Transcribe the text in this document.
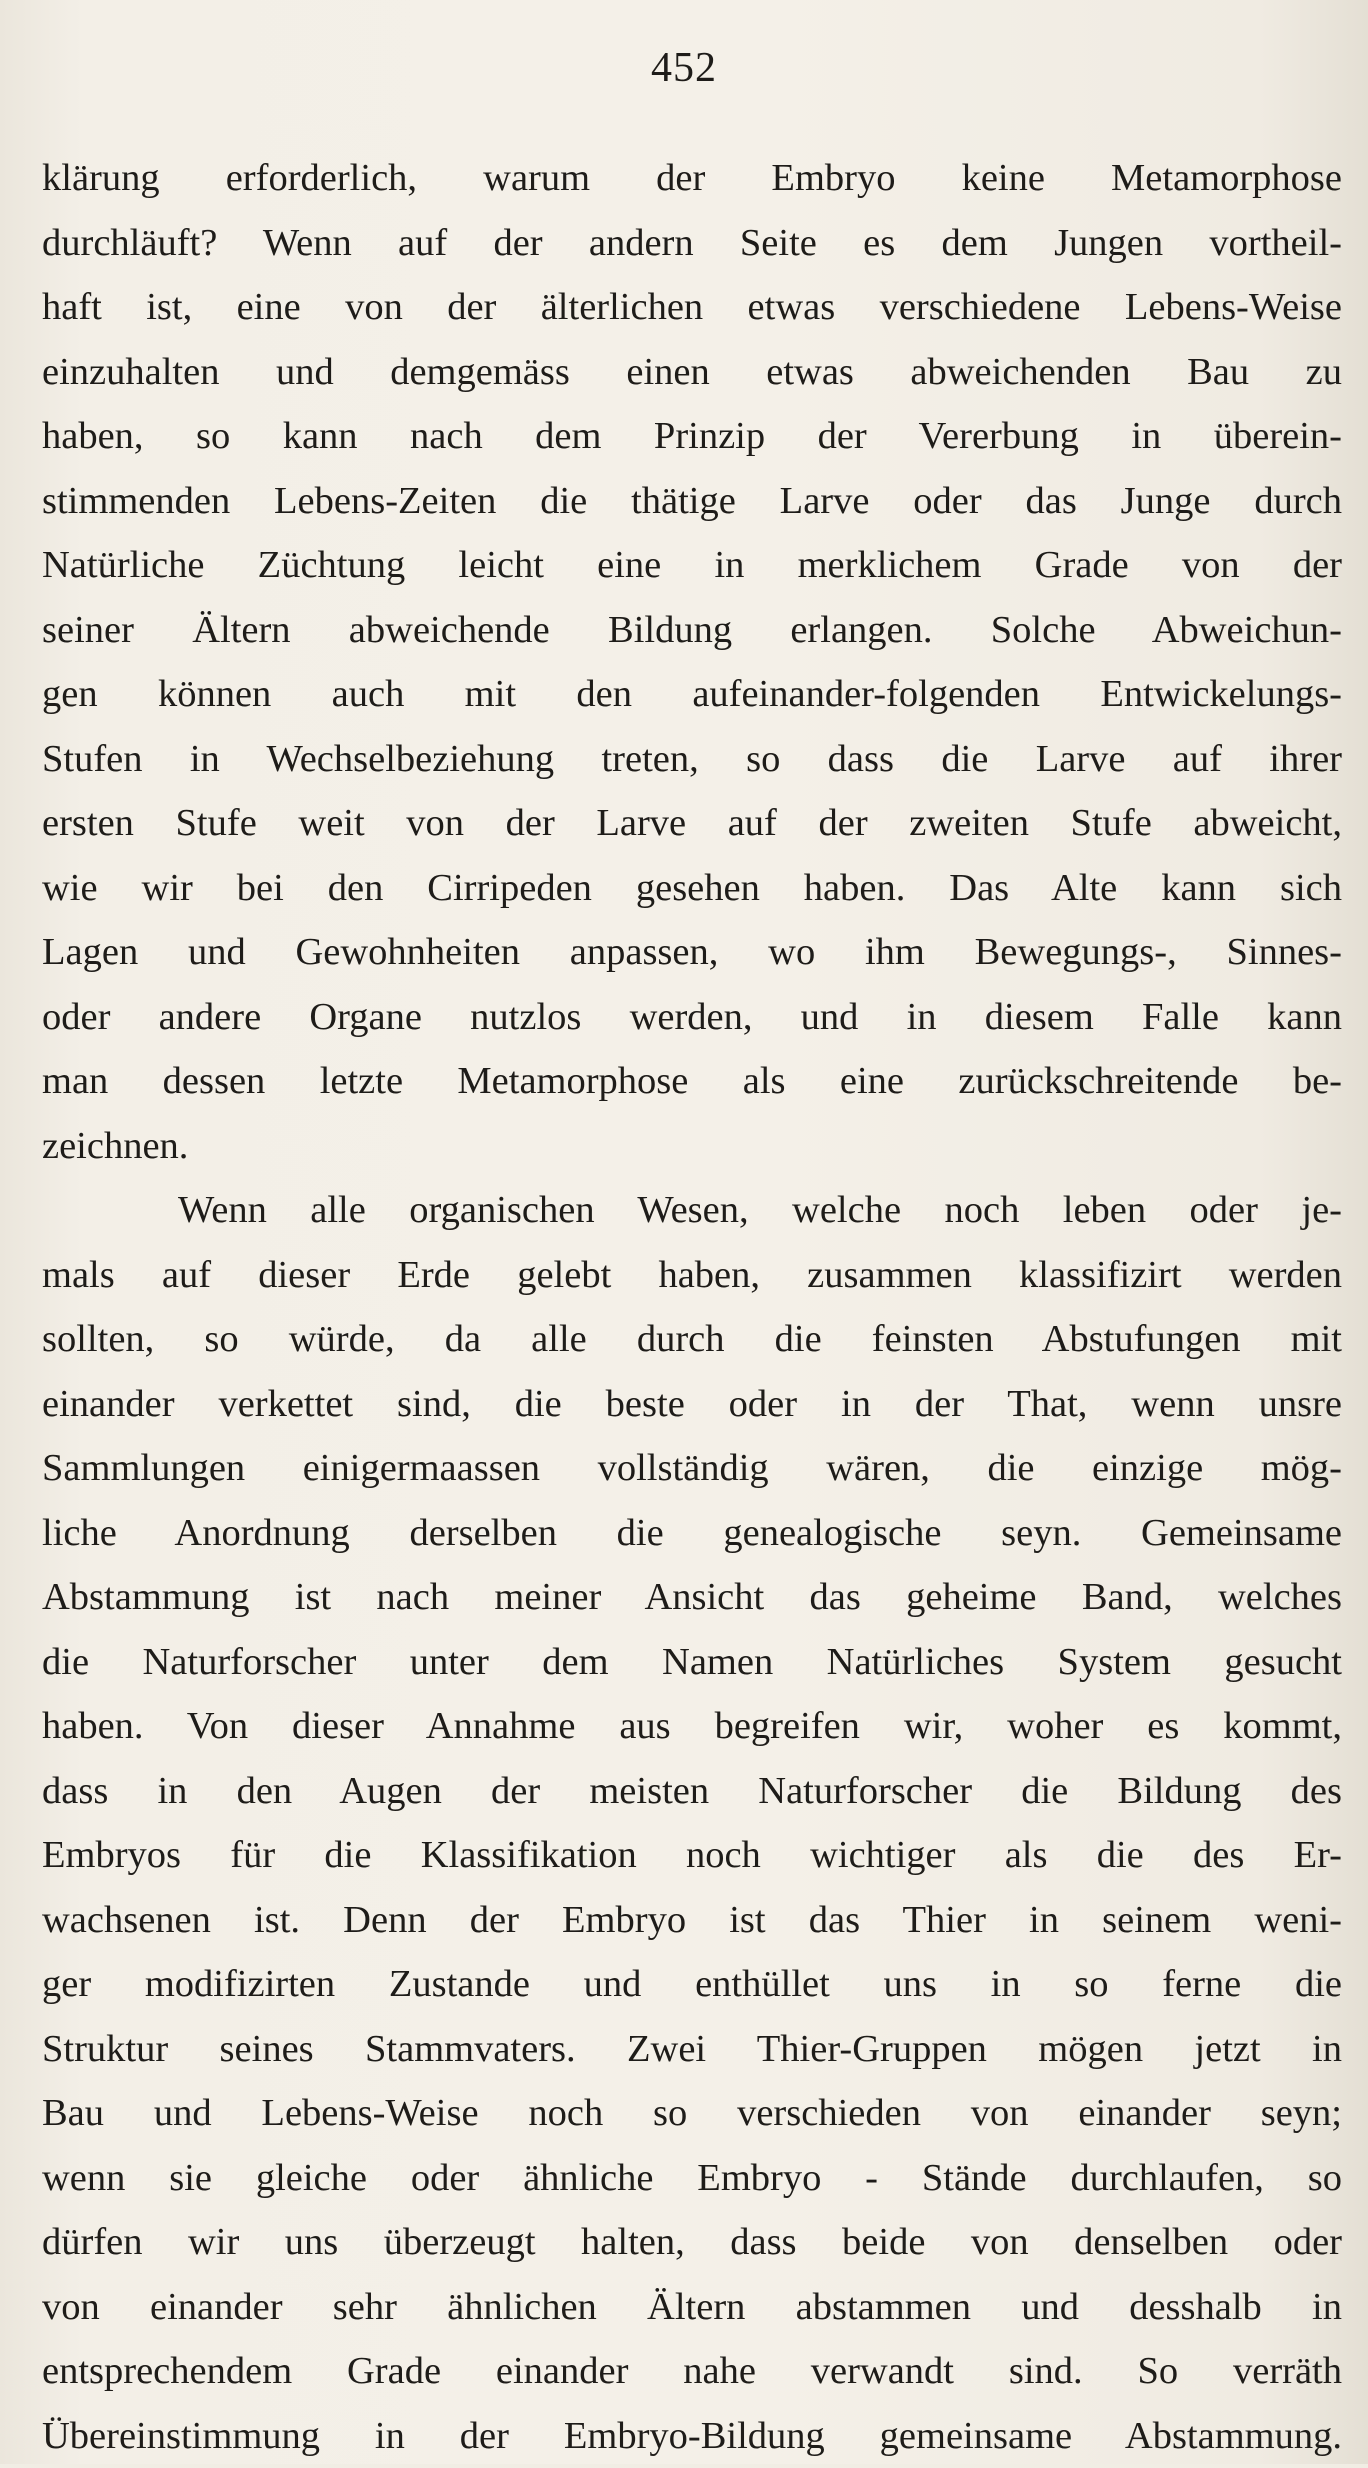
452
klärung erforderlich, warum der Embryo keine Metamorphose
durchläuft? Wenn auf der andern Seite es dem Jungen vortheil-
haft ist, eine von der älterlichen etwas verschiedene Lebens-Weise
einzuhalten und demgemäss einen etwas abweichenden Bau zu
haben, so kann nach dem Prinzip der Vererbung in überein-
stimmenden Lebens-Zeiten die thätige Larve oder das Junge durch
Natürliche Züchtung leicht eine in merklichem Grade von der
seiner Ältern abweichende Bildung erlangen. Solche Abweichun-
gen können auch mit den aufeinander-folgenden Entwickelungs-
Stufen in Wechselbeziehung treten, so dass die Larve auf ihrer
ersten Stufe weit von der Larve auf der zweiten Stufe abweicht,
wie wir bei den Cirripeden gesehen haben. Das Alte kann sich
Lagen und Gewohnheiten anpassen, wo ihm Bewegungs-, Sinnes-
oder andere Organe nutzlos werden, und in diesem Falle kann
man dessen letzte Metamorphose als eine zurückschreitende be-
zeichnen.
Wenn alle organischen Wesen, welche noch leben oder je-
mals auf dieser Erde gelebt haben, zusammen klassifizirt werden
sollten, so würde, da alle durch die feinsten Abstufungen mit
einander verkettet sind, die beste oder in der That, wenn unsre
Sammlungen einigermaassen vollständig wären, die einzige mög-
liche Anordnung derselben die genealogische seyn. Gemeinsame
Abstammung ist nach meiner Ansicht das geheime Band, welches
die Naturforscher unter dem Namen Natürliches System gesucht
haben. Von dieser Annahme aus begreifen wir, woher es kommt,
dass in den Augen der meisten Naturforscher die Bildung des
Embryos für die Klassifikation noch wichtiger als die des Er-
wachsenen ist. Denn der Embryo ist das Thier in seinem weni-
ger modifizirten Zustande und enthüllet uns in so ferne die
Struktur seines Stammvaters. Zwei Thier-Gruppen mögen jetzt in
Bau und Lebens-Weise noch so verschieden von einander seyn;
wenn sie gleiche oder ähnliche Embryo - Stände durchlaufen, so
dürfen wir uns überzeugt halten, dass beide von denselben oder
von einander sehr ähnlichen Ältern abstammen und desshalb in
entsprechendem Grade einander nahe verwandt sind. So verräth
Übereinstimmung in der Embryo-Bildung gemeinsame Abstammung.
